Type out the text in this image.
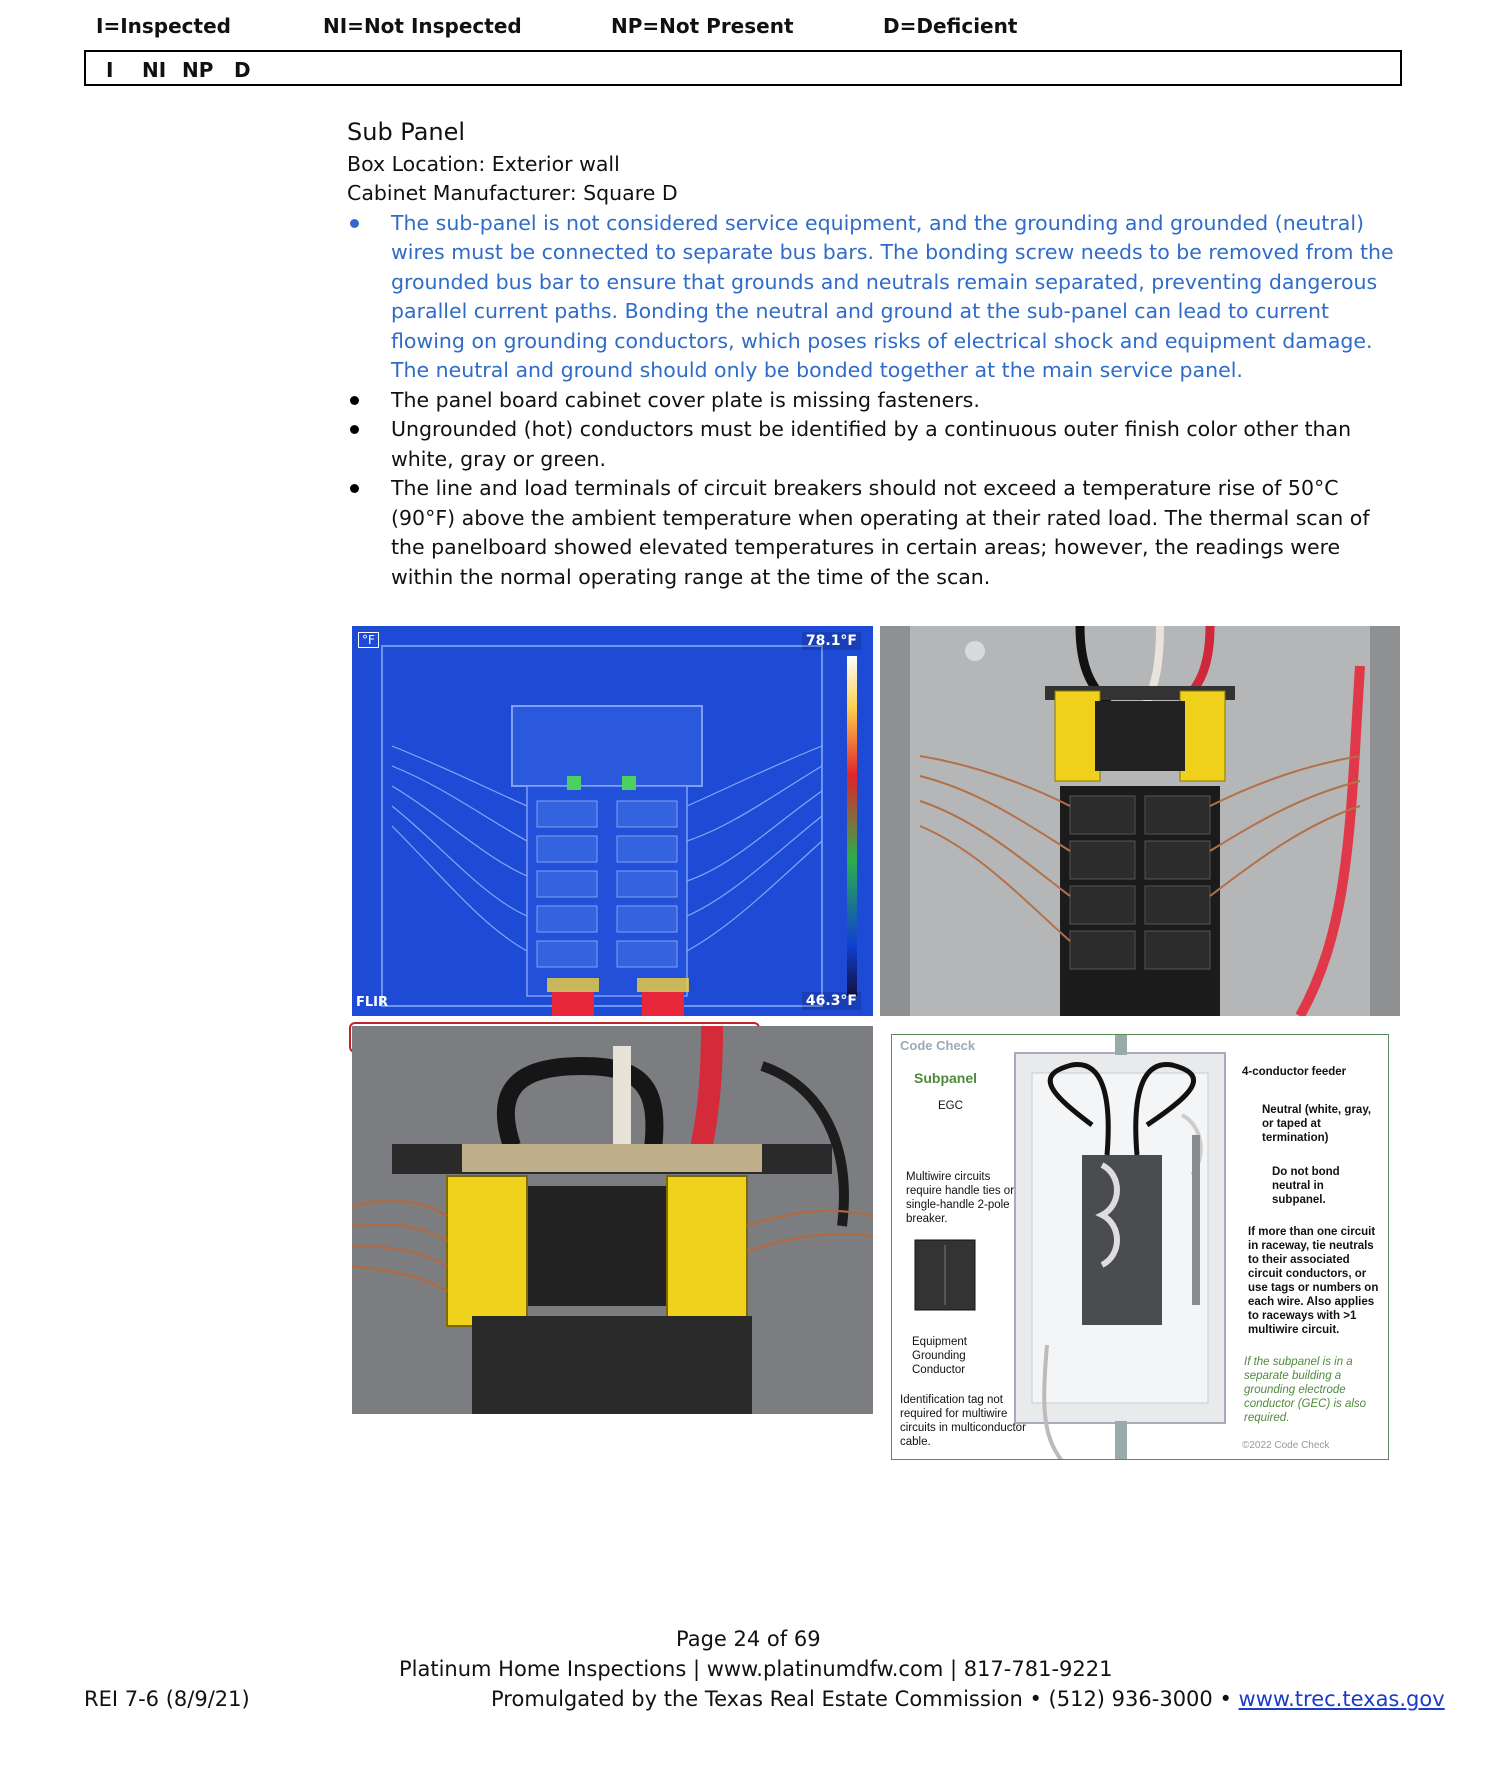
I=Inspected	NI=Not Inspected	NP=Not Present	D=Deficient
I NI NP D
Sub Panel
Box Location: Exterior wall
Cabinet Manufacturer: Square D
The sub-panel is not considered service equipment, and the grounding and grounded (neutral) wires must be connected to separate bus bars. The bonding screw needs to be removed from the grounded bus bar to ensure that grounds and neutrals remain separated, preventing dangerous parallel current paths. Bonding the neutral and ground at the sub-panel can lead to current flowing on grounding conductors, which poses risks of electrical shock and equipment damage. The neutral and ground should only be bonded together at the main service panel.
The panel board cabinet cover plate is missing fasteners.
Ungrounded (hot) conductors must be identified by a continuous outer finish color other than white, gray or green.
The line and load terminals of circuit breakers should not exceed a temperature rise of 50°C (90°F) above the ambient temperature when operating at their rated load. The thermal scan of the panelboard showed elevated temperatures in certain areas; however, the readings were within the normal operating range at the time of the scan.
°F	78.1°F
46.3°F
FLIR
Code Check
Subpanel
EGC
Multiwire circuits require handle ties or single-handle 2-pole breaker.
Equipment Grounding Conductor
Identification tag not required for multiwire circuits in multiconductor cable.
4-conductor feeder
Neutral (white, gray, or taped at termination)
Do not bond neutral in subpanel.
If more than one circuit in raceway, tie neutrals to their associated circuit conductors, or use tags or numbers on each wire. Also applies to raceways with >1 multiwire circuit.
If the subpanel is in a separate building a grounding electrode conductor (GEC) is also required.
©2022 Code Check
Page 24 of 69
Platinum Home Inspections | www.platinumdfw.com | 817-781-9221
REI 7-6 (8/9/21)	Promulgated by the Texas Real Estate Commission • (512) 936-3000 • www.trec.texas.gov
